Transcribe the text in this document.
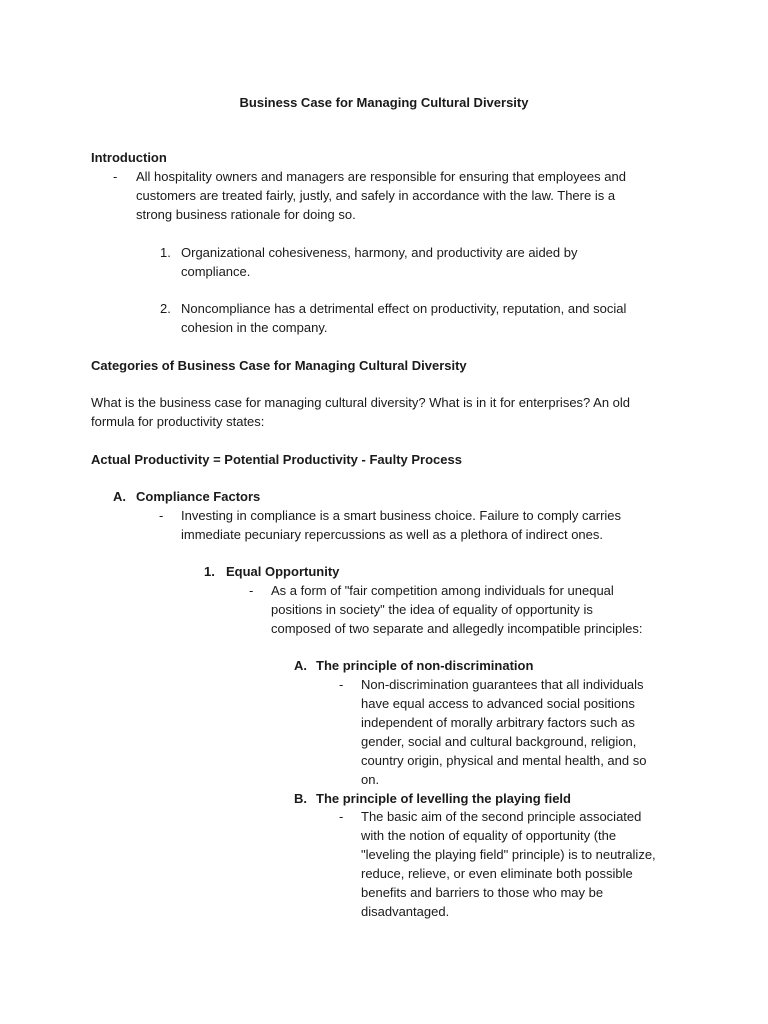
Business Case for Managing Cultural Diversity
Introduction
- All hospitality owners and managers are responsible for ensuring that employees and
customers are treated fairly, justly, and safely in accordance with the law. There is a
strong business rationale for doing so.
1. Organizational cohesiveness, harmony, and productivity are aided by
compliance.
2. Noncompliance has a detrimental effect on productivity, reputation, and social
cohesion in the company.
Categories of Business Case for Managing Cultural Diversity
What is the business case for managing cultural diversity? What is in it for enterprises? An old
formula for productivity states:
Actual Productivity = Potential Productivity - Faulty Process
A. Compliance Factors
- Investing in compliance is a smart business choice. Failure to comply carries
immediate pecuniary repercussions as well as a plethora of indirect ones.
1. Equal Opportunity
- As a form of "fair competition among individuals for unequal
positions in society" the idea of equality of opportunity is
composed of two separate and allegedly incompatible principles:
A. The principle of non-discrimination
- Non-discrimination guarantees that all individuals
have equal access to advanced social positions
independent of morally arbitrary factors such as
gender, social and cultural background, religion,
country origin, physical and mental health, and so
on.
B. The principle of levelling the playing field
- The basic aim of the second principle associated
with the notion of equality of opportunity (the
"leveling the playing field" principle) is to neutralize,
reduce, relieve, or even eliminate both possible
benefits and barriers to those who may be
disadvantaged.
